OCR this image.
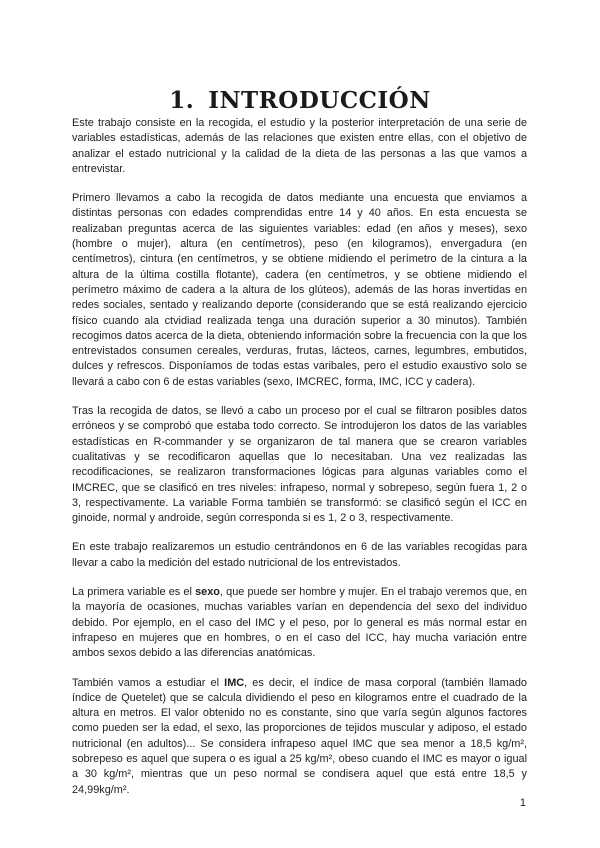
1. INTRODUCCIÓN

Este trabajo consiste en la recogida, el estudio y la posterior interpretación de una serie de variables estadísticas, además de las relaciones que existen entre ellas, con el objetivo de analizar el estado nutricional y la calidad de la dieta de las personas a las que vamos a entrevistar.

Primero llevamos a cabo la recogida de datos mediante una encuesta que enviamos a distintas personas con edades comprendidas entre 14 y 40 años. En esta encuesta se realizaban preguntas acerca de las siguientes variables: edad (en años y meses), sexo (hombre o mujer), altura (en centímetros), peso (en kilogramos), envergadura (en centímetros), cintura (en centímetros, y se obtiene midiendo el perímetro de la cintura a la altura de la última costilla flotante), cadera (en centímetros, y se obtiene midiendo el perímetro máximo de cadera a la altura de los glúteos), además de las horas invertidas en redes sociales, sentado y realizando deporte (considerando que se está realizando ejercicio físico cuando ala ctvidiad realizada tenga una duración superior a 30 minutos). También recogimos datos acerca de la dieta, obteniendo información sobre la frecuencia con la que los entrevistados consumen cereales, verduras, frutas, lácteos, carnes, legumbres, embutidos, dulces y refrescos. Disponíamos de todas estas varibales, pero el estudio exaustivo solo se llevará a cabo con 6 de estas variables (sexo, IMCREC, forma, IMC, ICC y cadera).

Tras la recogida de datos, se llevó a cabo un proceso por el cual se filtraron posibles datos erróneos y se comprobó que estaba todo correcto. Se introdujeron los datos de las variables estadísticas en R-commander y se organizaron de tal manera que se crearon variables cualitativas y se recodificaron aquellas que lo necesitaban. Una vez realizadas las recodificaciones, se realizaron transformaciones lógicas para algunas variables como el IMCREC, que se clasificó en tres niveles: infrapeso, normal y sobrepeso, según fuera 1, 2 o 3, respectivamente. La variable Forma también se transformó: se clasificó según el ICC en ginoide, normal y androide, según corresponda si es 1, 2 o 3, respectivamente.

En este trabajo realizaremos un estudio centrándonos en 6 de las variables recogidas para llevar a cabo la medición del estado nutricional de los entrevistados.

La primera variable es el sexo, que puede ser hombre y mujer. En el trabajo veremos que, en la mayoría de ocasiones, muchas variables varían en dependencia del sexo del individuo debido. Por ejemplo, en el caso del IMC y el peso, por lo general es más normal estar en infrapeso en mujeres que en hombres, o en el caso del ICC, hay mucha variación entre ambos sexos debido a las diferencias anatómicas.

También vamos a estudiar el IMC, es decir, el índice de masa corporal (también llamado índice de Quetelet) que se calcula dividiendo el peso en kilogramos entre el cuadrado de la altura en metros. El valor obtenido no es constante, sino que varía según algunos factores como pueden ser la edad, el sexo, las proporciones de tejidos muscular y adiposo, el estado nutricional (en adultos)... Se considera infrapeso aquel IMC que sea menor a 18,5 kg/m², sobrepeso es aquel que supera o es igual a 25 kg/m², obeso cuando el IMC es mayor o igual a 30 kg/m², mientras que un peso normal se condisera aquel que está entre 18,5 y 24,99kg/m².

1
